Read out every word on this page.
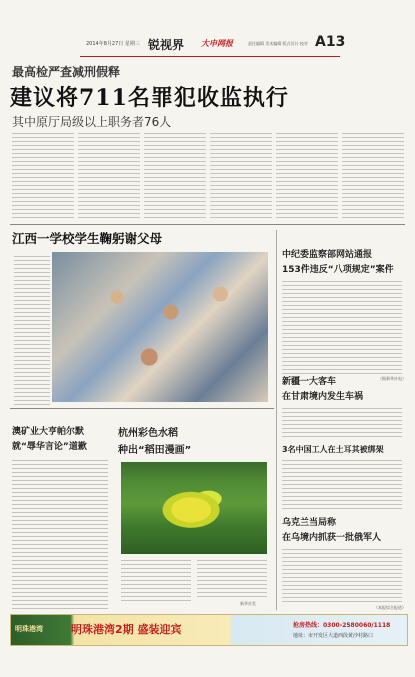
2014年8月27日 星期三 锐视界 大申网报	责任编辑 美术编辑 版式设计 校对 A13
最高检严查减刑假释
建议将711名罪犯收监执行
其中原厅局级以上职务者76人
江西一学校学生鞠躬谢父母
中纪委监察部网站通报
153件违反“八项规定”案件
（据新华社电）
新疆一大客车
在甘肃境内发生车祸
3名中国工人在土耳其被绑架
乌克兰当局称
在乌境内抓获一批俄军人
（本报综合报道）
澳矿业大亨帕尔默
就“辱华言论”道歉
杭州彩色水稻
种出“稻田漫画”
新华社发
明珠港湾	明珠港湾2期 盛装迎宾	抢房热线：0300-2580060/1118
地址：市开发区大道西段黄沙村路口
